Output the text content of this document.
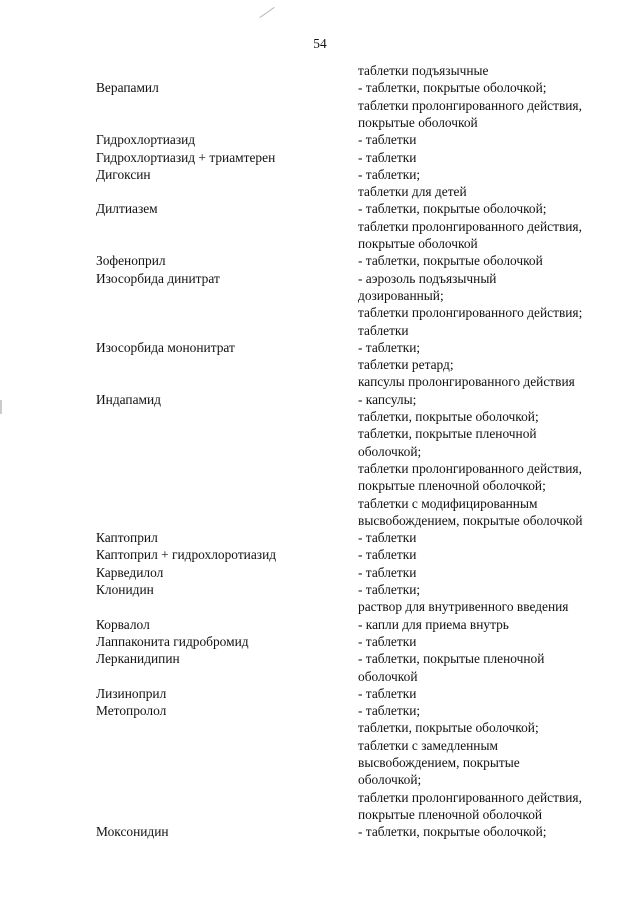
54
Верапамил
таблетки подъязычные
- таблетки, покрытые оболочкой;
таблетки пролонгированного действия,
покрытые оболочкой
Гидрохлортиазид	- таблетки
Гидрохлортиазид + триамтерен	- таблетки
Дигоксин	- таблетки;
таблетки для детей
Дилтиазем	- таблетки, покрытые оболочкой;
таблетки пролонгированного действия,
покрытые оболочкой
Зофеноприл	- таблетки, покрытые оболочкой
Изосорбида динитрат	- аэрозоль подъязычный
дозированный;
таблетки пролонгированного действия;
таблетки
Изосорбида мононитрат	- таблетки;
таблетки ретард;
капсулы пролонгированного действия
Индапамид	- капсулы;
таблетки, покрытые оболочкой;
таблетки, покрытые пленочной
оболочкой;
таблетки пролонгированного действия,
покрытые пленочной оболочкой;
таблетки с модифицированным
высвобождением, покрытые оболочкой
Каптоприл	- таблетки
Каптоприл + гидрохлоротиазид	- таблетки
Карведилол	- таблетки
Клонидин	- таблетки;
раствор для внутривенного введения
Корвалол	- капли для приема внутрь
Лаппаконита гидробромид	- таблетки
Лерканидипин	- таблетки, покрытые пленочной
оболочкой
Лизиноприл	- таблетки
Метопролол	- таблетки;
таблетки, покрытые оболочкой;
таблетки с замедленным
высвобождением, покрытые
оболочкой;
таблетки пролонгированного действия,
покрытые пленочной оболочкой
Моксонидин	- таблетки, покрытые оболочкой;
